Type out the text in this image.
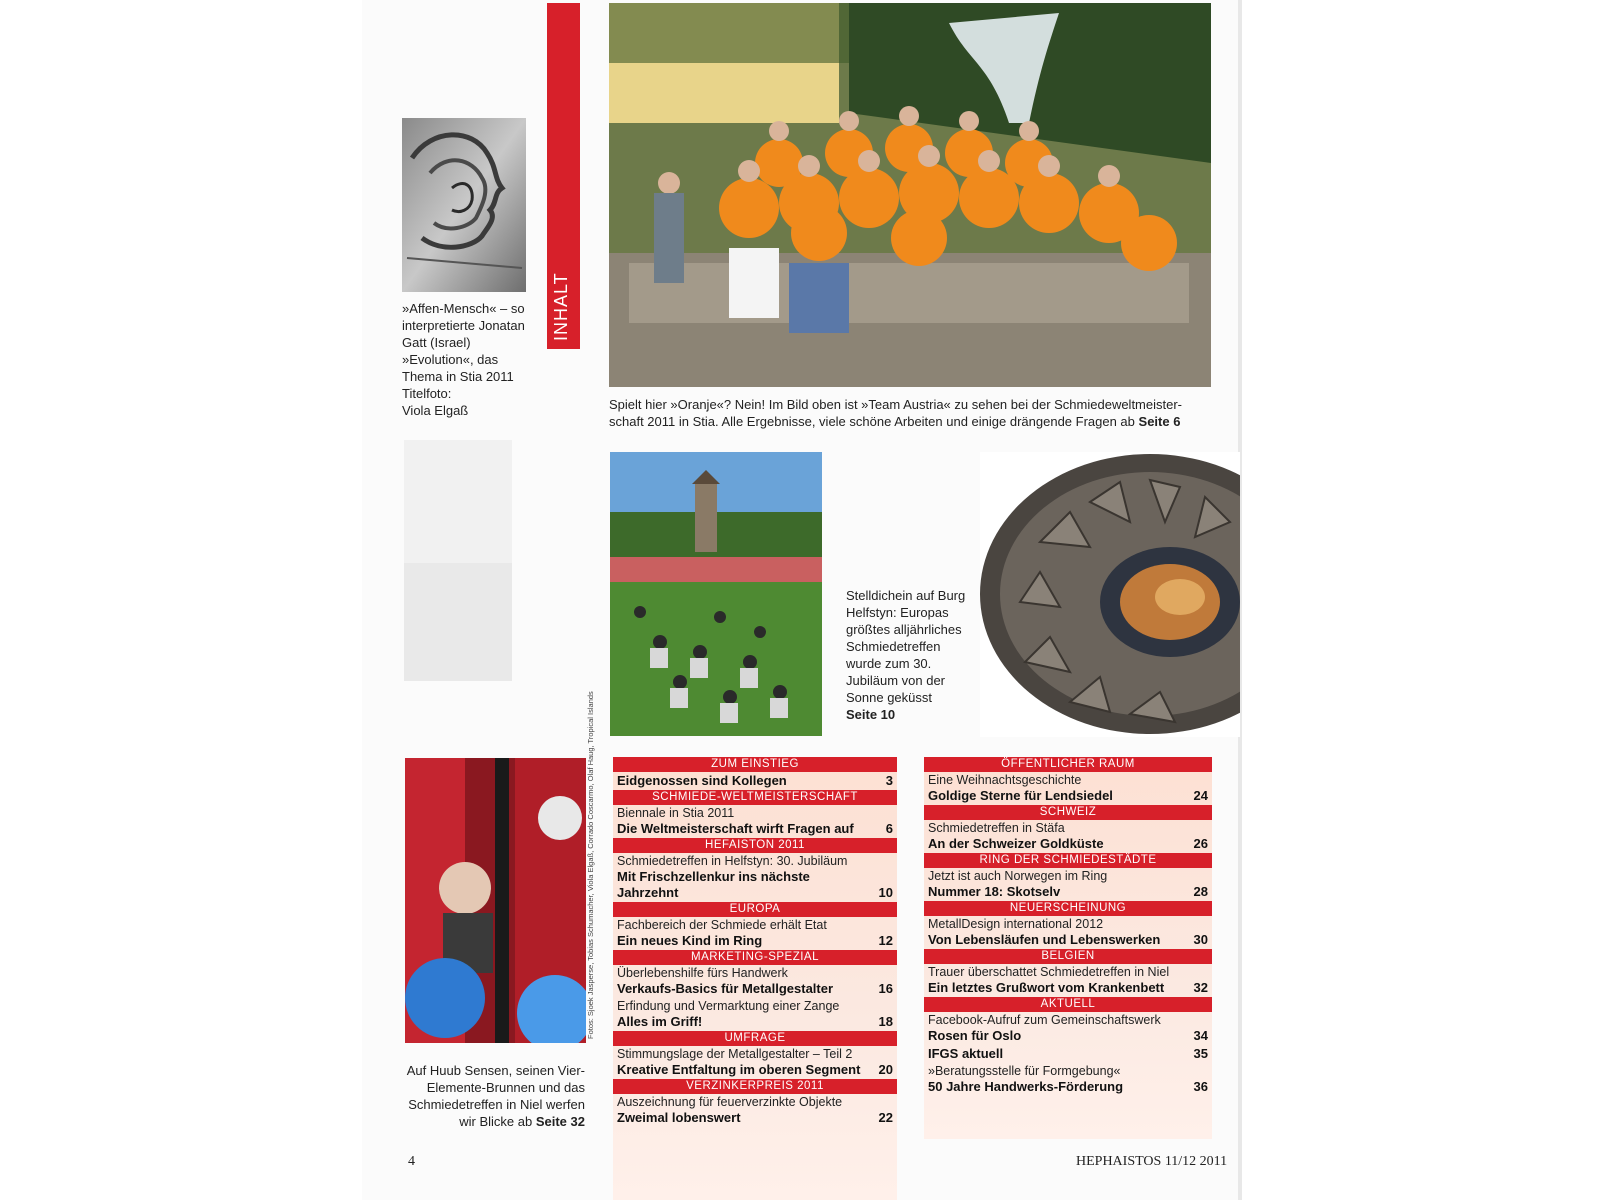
INHALT
»Affen-Mensch« – so interpretierte Jonatan Gatt (Israel) »Evolution«, das Thema in Stia 2011
Titelfoto:
Viola Elgaß	Spielt hier »Oranje«? Nein! Im Bild oben ist »Team Austria« zu sehen bei der Schmiedeweltmeister-schaft 2011 in Stia. Alle Ergebnisse, viele schöne Arbeiten und einige drängende Fragen ab Seite 6
Stelldichein auf Burg Helfstyn: Europas größtes alljährliches Schmiedetreffen wurde zum 30. Jubiläum von der Sonne geküsst Seite 10
Fotos: Sjoek Jasperse, Tobias Schumacher, Viola Elgaß, Corrado Coscarmo, Olaf Haug, Tropical Islands
Auf Huub Sensen, seinen Vier-Elemente-Brunnen und das Schmiedetreffen in Niel werfen wir Blicke ab Seite 32
ZUM EINSTIEG
Eidgenossen sind Kollegen	3
SCHMIEDE-WELTMEISTERSCHAFT
Biennale in Stia 2011
Die Weltmeisterschaft wirft Fragen auf	6
HEFAISTON 2011
Schmiedetreffen in Helfstyn: 30. Jubiläum
Mit Frischzellenkur ins nächste Jahrzehnt	10
EUROPA
Fachbereich der Schmiede erhält Etat
Ein neues Kind im Ring	12
MARKETING-SPEZIAL
Überlebenshilfe fürs Handwerk
Verkaufs-Basics für Metallgestalter	16
Erfindung und Vermarktung einer Zange
Alles im Griff!	18
UMFRAGE
Stimmungslage der Metallgestalter – Teil 2
Kreative Entfaltung im oberen Segment	20
VERZINKERPREIS 2011
Auszeichnung für feuerverzinkte Objekte
Zweimal lobenswert	22
ÖFFENTLICHER RAUM
Eine Weihnachtsgeschichte
Goldige Sterne für Lendsiedel	24
SCHWEIZ
Schmiedetreffen in Stäfa
An der Schweizer Goldküste	26
RING DER SCHMIEDESTÄDTE
Jetzt ist auch Norwegen im Ring
Nummer 18: Skotselv	28
NEUERSCHEINUNG
MetallDesign international 2012
Von Lebensläufen und Lebenswerken	30
BELGIEN
Trauer überschattet Schmiedetreffen in Niel
Ein letztes Grußwort vom Krankenbett	32
AKTUELL
Facebook-Aufruf zum Gemeinschaftswerk
Rosen für Oslo	34
IFGS aktuell	35
»Beratungsstelle für Formgebung«
50 Jahre Handwerks-Förderung	36
4	HEPHAISTOS 11/12 2011
